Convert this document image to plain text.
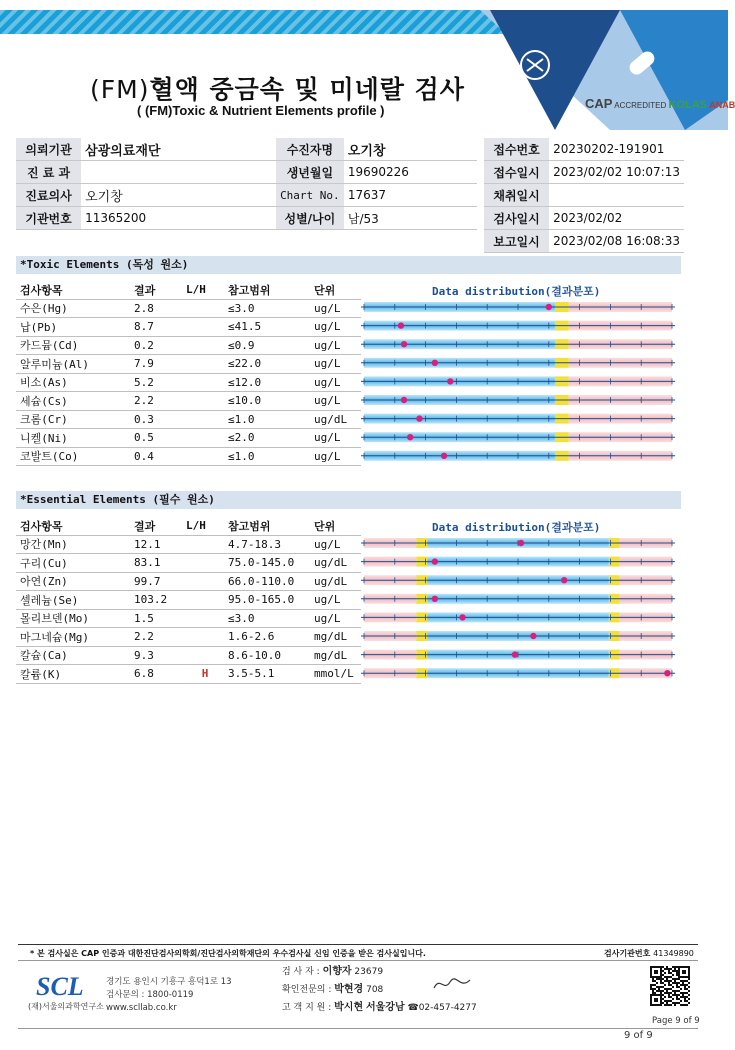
(FM)혈액 중금속 및 미네랄 검사
( (FM)Toxic & Nutrient Elements profile )	CAP ACCREDITED KOLAS ANAB
의뢰기관	삼광의료재단	수진자명	오기창		접수번호	20230202-191901
진 료 과		생년월일	19690226		접수일시	2023/02/02 10:07:13
진료의사	오기창	Chart No.	17637		채취일시	
기관번호	11365200	성별/나이	남/53		검사일시	2023/02/02
					보고일시	2023/02/08 16:08:33
*Toxic Elements (독성 원소)
검사항목	결과	L/H	참고범위	단위
수은(Hg)	2.8		≤3.0	ug/L
납(Pb)	8.7		≤41.5	ug/L
카드뮴(Cd)	0.2		≤0.9	ug/L
알루미늄(Al)	7.9		≤22.0	ug/L
비소(As)	5.2		≤12.0	ug/L
세슘(Cs)	2.2		≤10.0	ug/L
크롬(Cr)	0.3		≤1.0	ug/dL
니켈(Ni)	0.5		≤2.0	ug/L
코발트(Co)	0.4		≤1.0	ug/L
Data distribution(결과분포)
*Essential Elements (필수 원소)
검사항목	결과	L/H	참고범위	단위
망간(Mn)	12.1		4.7-18.3	ug/L
구리(Cu)	83.1		75.0-145.0	ug/dL
아연(Zn)	99.7		66.0-110.0	ug/dL
셀레늄(Se)	103.2		95.0-165.0	ug/L
몰리브덴(Mo)	1.5		≤3.0	ug/L
마그네슘(Mg)	2.2		1.6-2.6	mg/dL
칼슘(Ca)	9.3		8.6-10.0	mg/dL
칼륨(K)	6.8	H	3.5-5.1	mmol/L
Data distribution(결과분포)
* 본 검사실은 CAP 인증과 대한진단검사의학회/진단검사의학재단의 우수검사실 신임 인증을 받은 검사실입니다.	검사기관번호 41349890
SCL
(재)서울의과학연구소
경기도 용인시 기흥구 흥덕1로 13
검사문의 : 1800-0119
www.scllab.co.kr
검 사 자 : 이향자 23679
확인전문의 : 박현경 708
고 객 지 원 : 박시현 서울강남 ☎02-457-4277
Page 9 of 9
9 of 9
